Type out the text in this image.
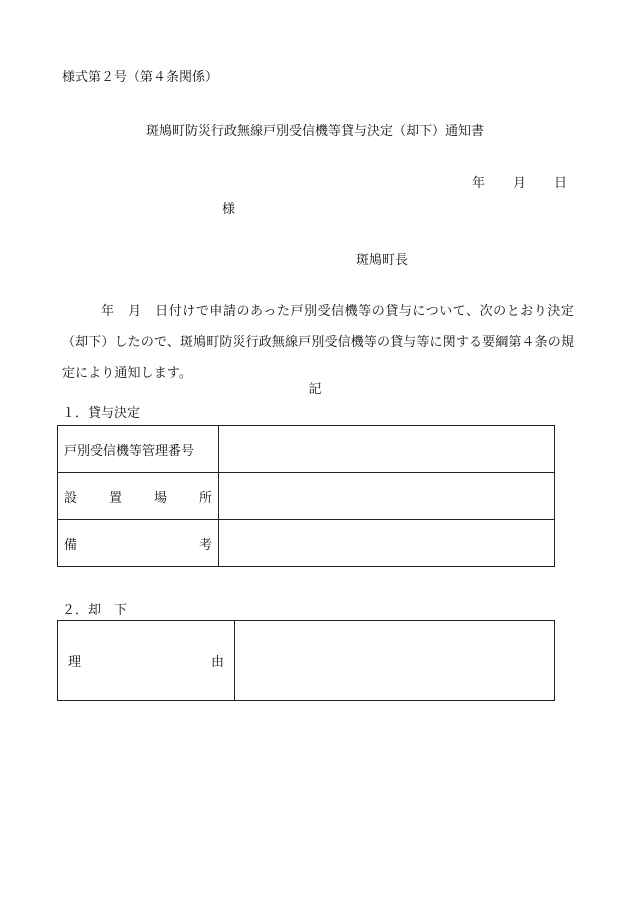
様式第２号（第４条関係）
斑鳩町防災行政無線戸別受信機等貸与決定（却下）通知書
年 月 日
様
斑鳩町長
年　月　日付けで申請のあった戸別受信機等の貸与について、次のとおり決定（却下）したので、斑鳩町防災行政無線戸別受信機等の貸与等に関する要綱第４条の規定により通知します。
記
１．貸与決定
戸別受信機等管理番号	

設 置 場 所	

備 考	

２．却　下
理	由
